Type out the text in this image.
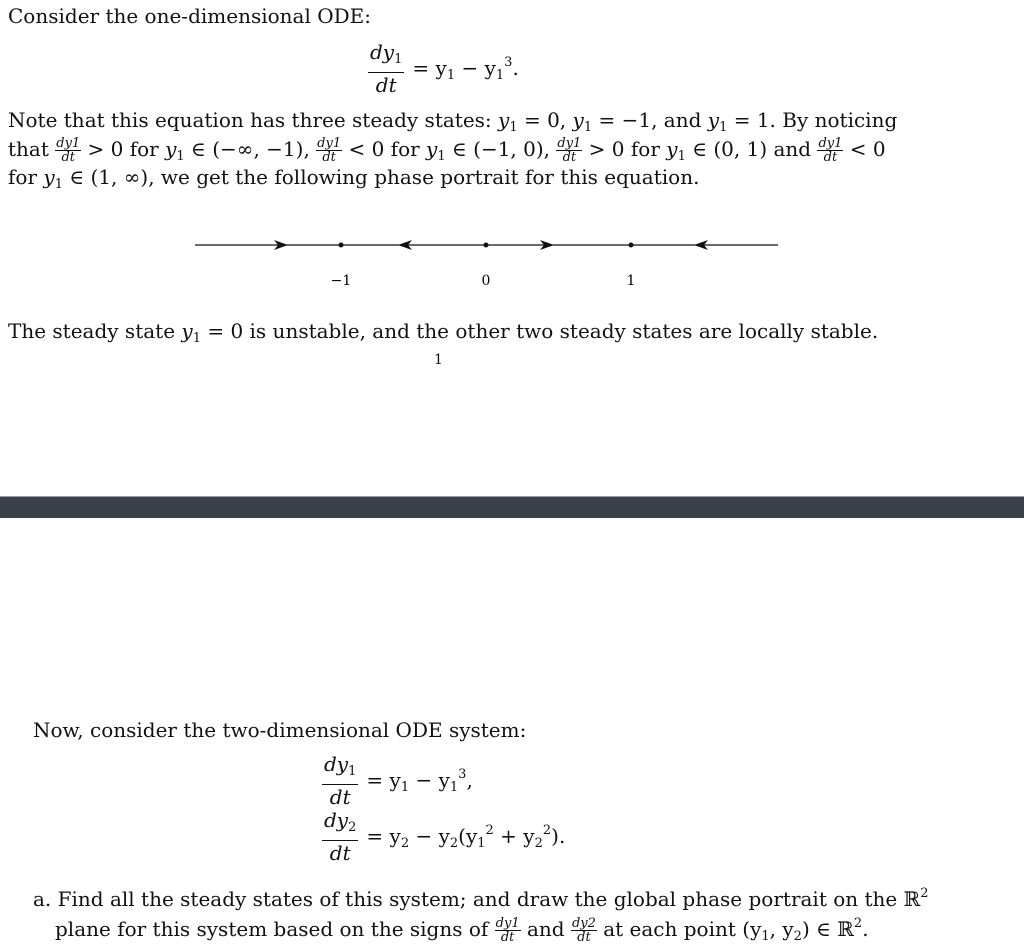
Consider the one-dimensional ODE:
$\frac{dy_1}{dt} = y_1 - y_1^3$.
Note that this equation has three steady states: $y_1 = 0$, $y_1 = -1$, and $y_1 = 1$. By noticing
that $\frac{dy1}{dt} > 0$ for $y_1$ ∈ (−∞, −1), $\frac{dy1}{dt} < 0$ for $y_1$ ∈ (−1, 0), $\frac{dy1}{dt} > 0$ for $y_1$ ∈ (0, 1) and $\frac{dy1}{dt} < 0$
for $y_1$ ∈ (1, ∞), we get the following phase portrait for this equation.
−1	0	1
The steady state $y_1 = 0$ is unstable, and the other two steady states are locally stable.
1
Now, consider the two-dimensional ODE system:
$\frac{dy_1}{dt} = y_1 - y_1^3$,
$\frac{dy_2}{dt} = y_2 - y_2(y_1^2 + y_2^2)$.
a. Find all the steady states of this system; and draw the global phase portrait on the ℝ$^2$
plane for this system based on the signs of $\frac{dy1}{dt}$ and $\frac{dy2}{dt}$ at each point ($y_1$, $y_2$) ∈ ℝ$^2$.
